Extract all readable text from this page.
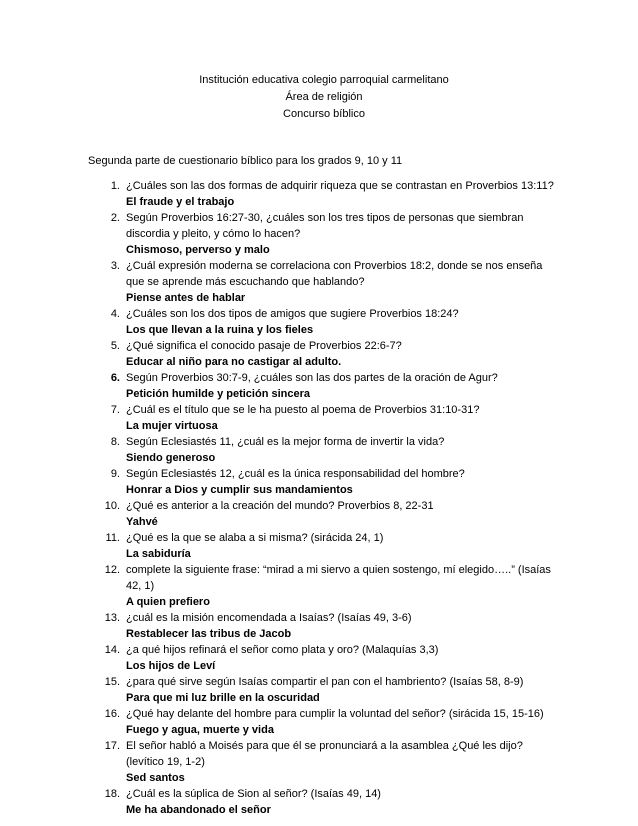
Institución educativa colegio parroquial carmelitano
Área de religión
Concurso bíblico
Segunda parte de cuestionario bíblico para los grados 9, 10 y 11
1. ¿Cuáles son las dos formas de adquirir riqueza que se contrastan en Proverbios 13:11?
El fraude y el trabajo
2. Según Proverbios 16:27-30, ¿cuáles son los tres tipos de personas que siembran discordia y pleito, y cómo lo hacen?
Chismoso, perverso y malo
3. ¿Cuál expresión moderna se correlaciona con Proverbios 18:2, donde se nos enseña que se aprende más escuchando que hablando?
Piense antes de hablar
4. ¿Cuáles son los dos tipos de amigos que sugiere Proverbios 18:24?
Los que llevan a la ruina y los fieles
5. ¿Qué significa el conocido pasaje de Proverbios 22:6-7?
Educar al niño para no castigar al adulto.
6. Según Proverbios 30:7-9, ¿cuáles son las dos partes de la oración de Agur?
Petición humilde y petición sincera
7. ¿Cuál es el título que se le ha puesto al poema de Proverbios 31:10-31?
La mujer virtuosa
8. Según Eclesiastés 11, ¿cuál es la mejor forma de invertir la vida?
Siendo generoso
9. Según Eclesiastés 12, ¿cuál es la única responsabilidad del hombre?
Honrar a Dios y cumplir sus mandamientos
10. ¿Qué es anterior a la creación del mundo? Proverbios 8, 22-31
Yahvé
11. ¿Qué es la que se alaba a si misma? (sirácida 24, 1)
La sabiduría
12. complete la siguiente frase: “mirad a mi siervo a quien sostengo, mí elegido…..” (Isaías 42, 1)
A quien prefiero
13. ¿cuál es la misión encomendada a Isaías? (Isaías 49, 3-6)
Restablecer las tribus de Jacob
14. ¿a qué hijos refinará el señor como plata y oro? (Malaquías 3,3)
Los hijos de Leví
15. ¿para qué sirve según Isaías compartir el pan con el hambriento? (Isaías 58, 8-9)
Para que mi luz brille en la oscuridad
16. ¿Qué hay delante del hombre para cumplir la voluntad del señor? (sirácida 15, 15-16)
Fuego y agua, muerte y vida
17. El señor habló a Moisés para que él se pronunciará a la asamblea ¿Qué les dijo? (levítico 19, 1-2)
Sed santos
18. ¿Cuál es la súplica de Sion al señor? (Isaías 49, 14)
Me ha abandonado el señor
